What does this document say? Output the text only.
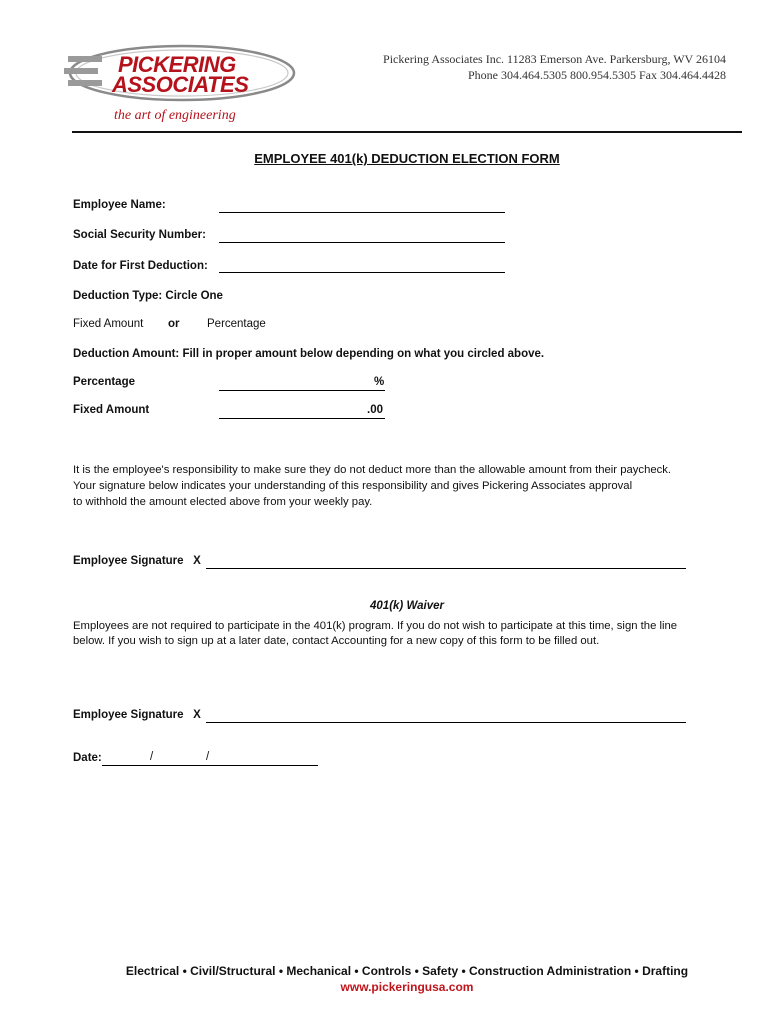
PICKERING
ASSOCIATES
the art of engineering
Pickering Associates Inc. 11283 Emerson Ave. Parkersburg, WV 26104
Phone 304.464.5305 800.954.5305 Fax 304.464.4428
EMPLOYEE 401(k) DEDUCTION ELECTION FORM
Employee Name:
Social Security Number:
Date for First Deduction:
Deduction Type: Circle One
Fixed Amount or Percentage
Deduction Amount: Fill in proper amount below depending on what you circled above.
Percentage	%
Fixed Amount	.00
It is the employee's responsibility to make sure they do not deduct more than the allowable amount from their paycheck.
Your signature below indicates your understanding of this responsibility and gives Pickering Associates approval
to withhold the amount elected above from your weekly pay.
Employee Signature   X
401(k) Waiver
Employees are not required to participate in the 401(k) program. If you do not wish to participate at this time, sign the line
below. If you wish to sign up at a later date, contact Accounting for a new copy of this form to be filled out.
Employee Signature   X
Date:	/	/
Electrical • Civil/Structural • Mechanical • Controls • Safety • Construction Administration • Drafting
www.pickeringusa.com
